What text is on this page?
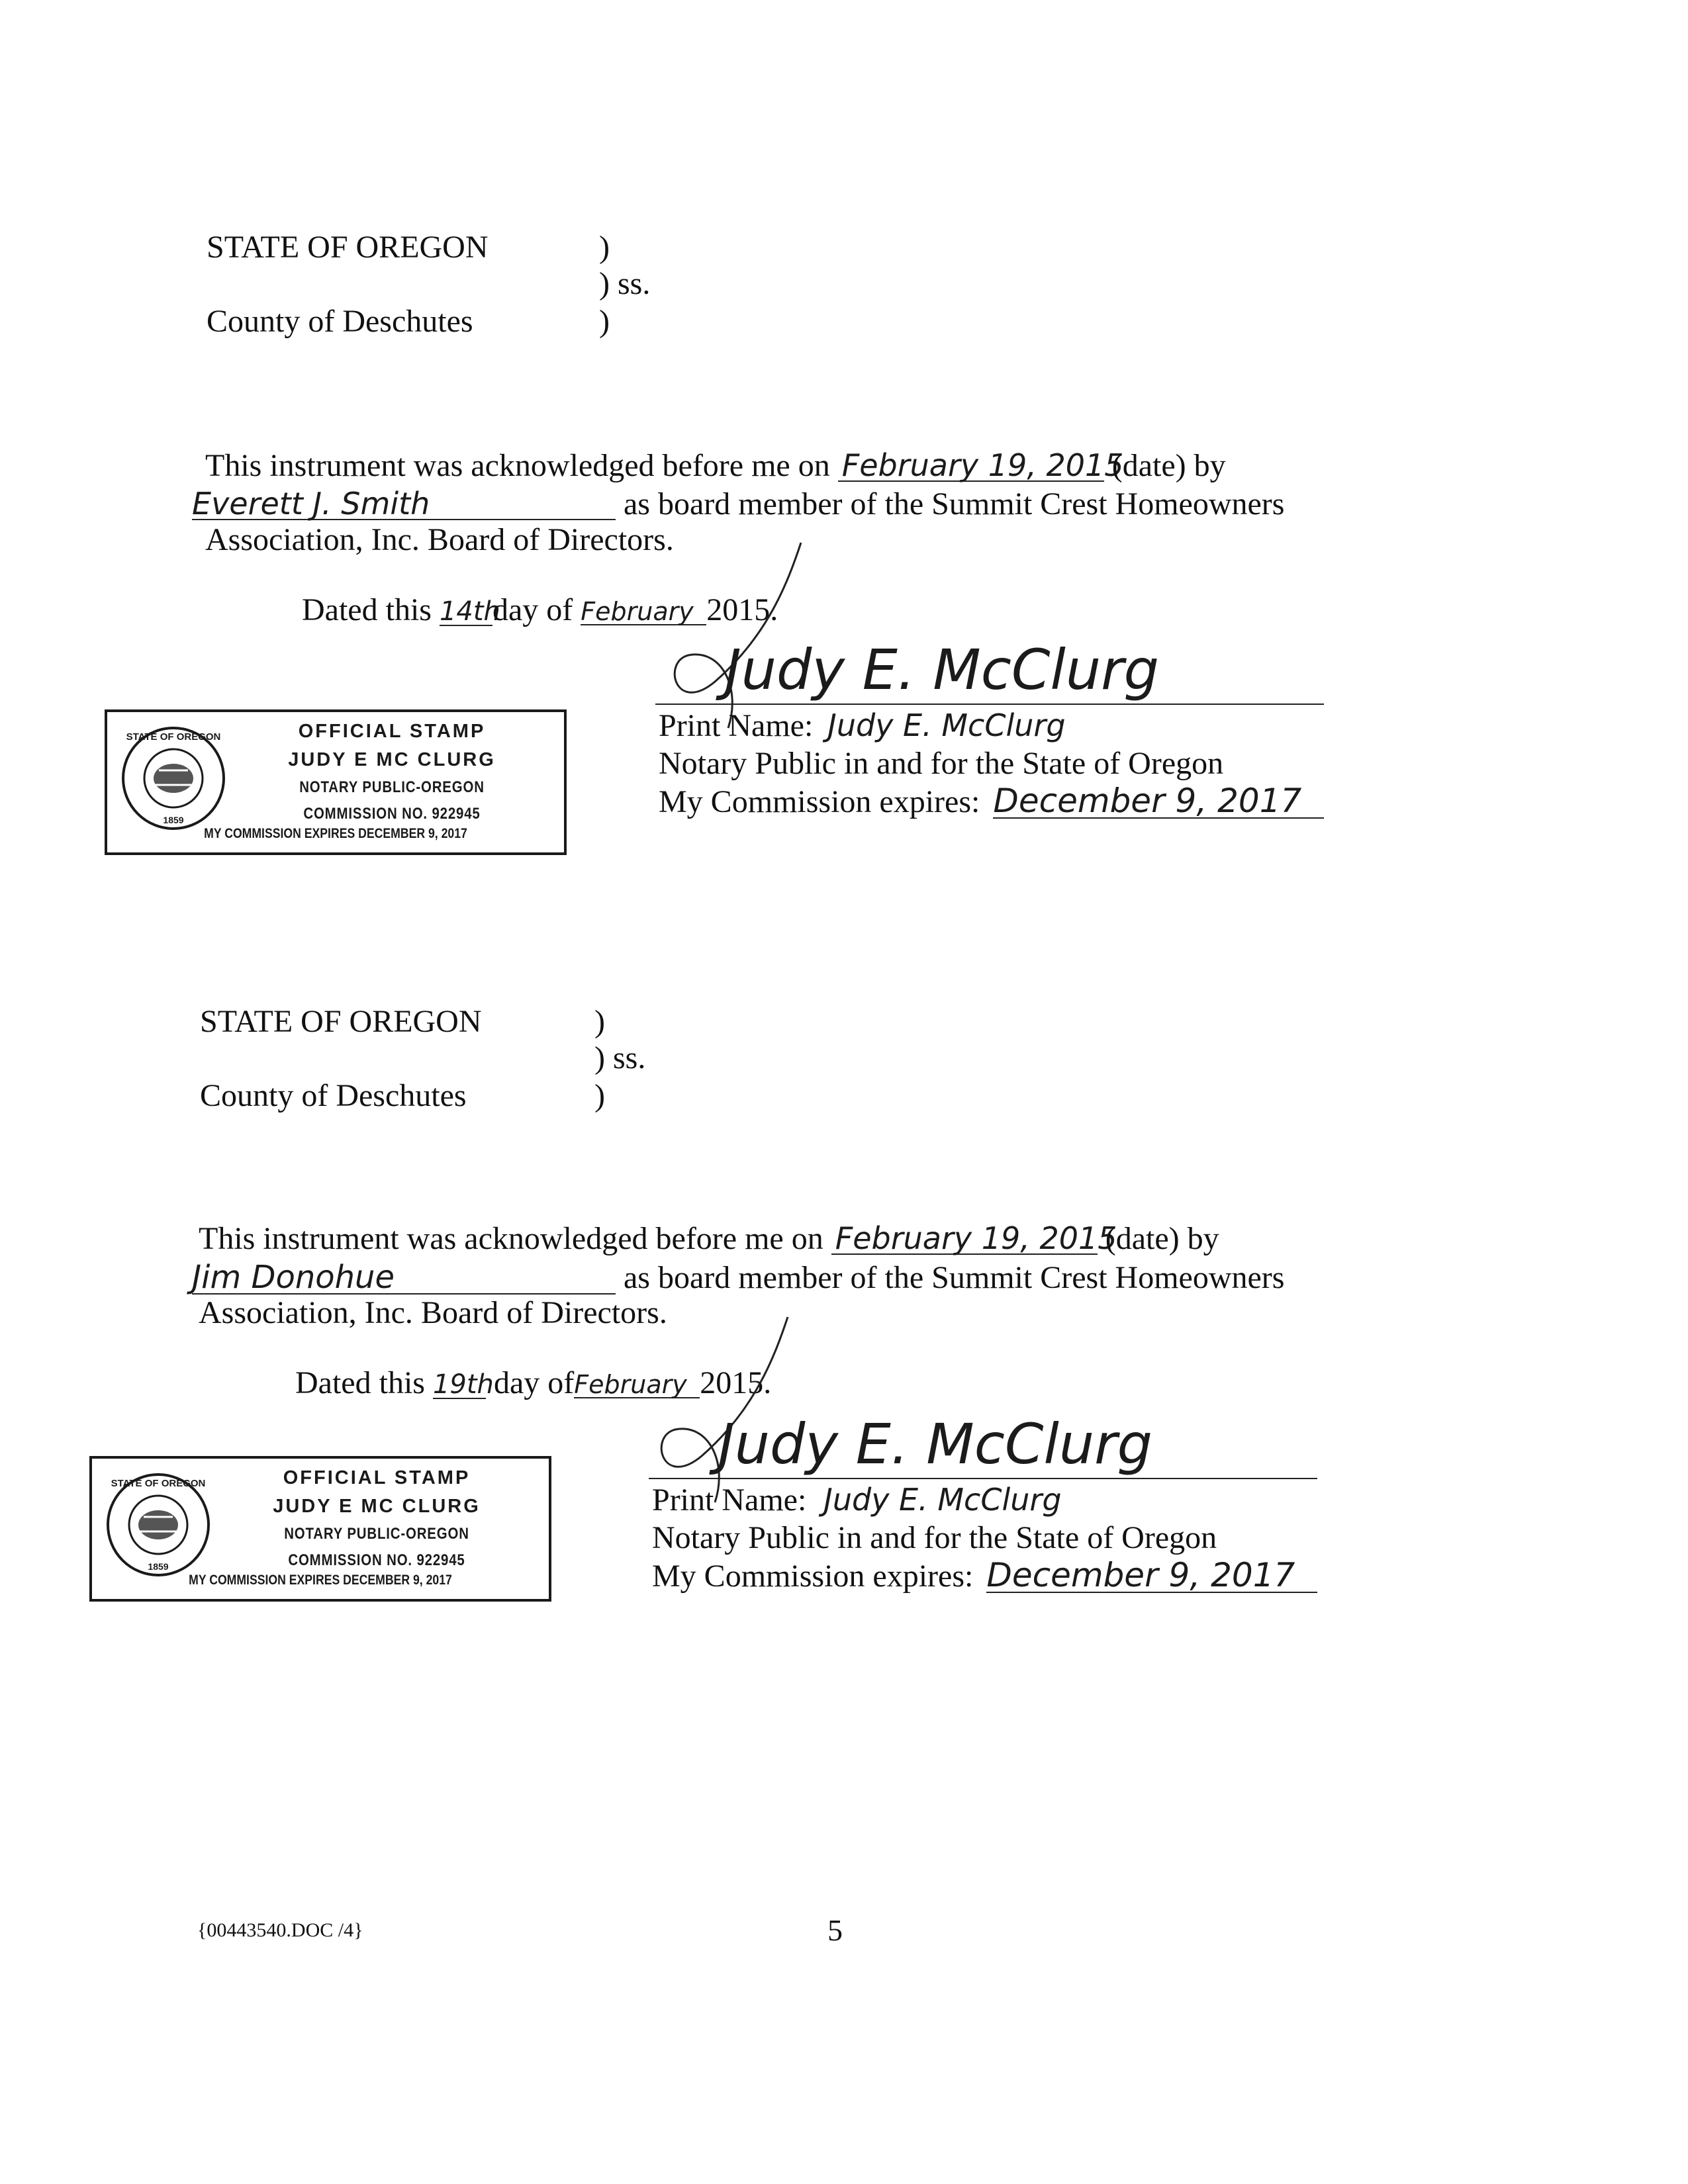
STATE OF OREGON	)
) ss.
County of Deschutes	)
This instrument was acknowledged before me on February 19, 2015 (date) by
Everett J. Smith	as board member of the Summit Crest Homeowners
Association, Inc. Board of Directors.
Dated this 14thday of February 2015.
Judy E. McClurg
Print Name: Judy E. McClurg
Notary Public in and for the State of Oregon
My Commission expires: December 9, 2017
STATE OF OREGON
1859
OFFICIAL STAMP
JUDY E MC CLURG
NOTARY PUBLIC-OREGON
COMMISSION NO. 922945
MY COMMISSION EXPIRES DECEMBER 9, 2017
STATE OF OREGON	)
) ss.
County of Deschutes	)
This instrument was acknowledged before me on February 19, 2015 (date) by
Jim Donohue	as board member of the Summit Crest Homeowners
Association, Inc. Board of Directors.
Dated this 19th day ofFebruary 2015.
Judy E. McClurg
Print Name: Judy E. McClurg
Notary Public in and for the State of Oregon
My Commission expires: December 9, 2017
STATE OF OREGON
1859
OFFICIAL STAMP
JUDY E MC CLURG
NOTARY PUBLIC-OREGON
COMMISSION NO. 922945
MY COMMISSION EXPIRES DECEMBER 9, 2017
{00443540.DOC /4}	5
